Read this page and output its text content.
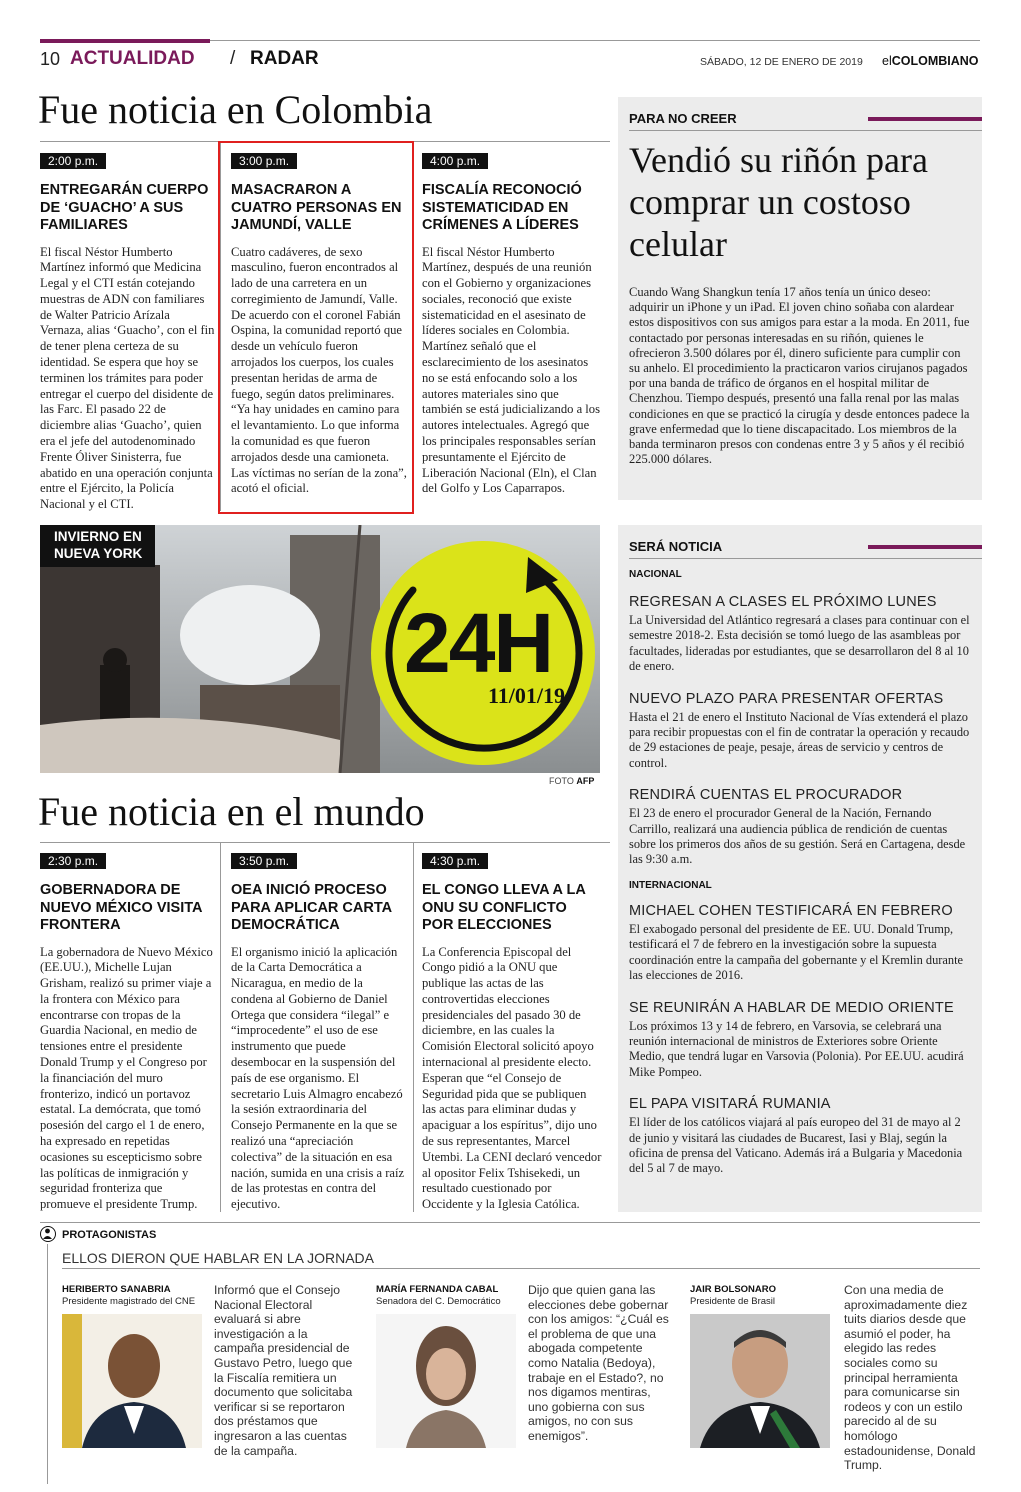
10 ACTUALIDAD / RADAR	SÁBADO, 12 DE ENERO DE 2019 elCOLOMBIANO
Fue noticia en Colombia
2:00 p.m.
ENTREGARÁN CUERPO DE ‘GUACHO’ A SUS FAMILIARES

El fiscal Néstor Humberto Martínez informó que Medicina Legal y el CTI están cotejando muestras de ADN con familiares de Walter Patricio Arízala Vernaza, alias ‘Guacho’, con el fin de tener plena certeza de su identidad. Se espera que hoy se terminen los trámites para poder entregar el cuerpo del disidente de las Farc. El pasado 22 de diciembre alias ‘Guacho’, quien era el jefe del autodenominado Frente Óliver Sinisterra, fue abatido en una operación conjunta entre el Ejército, la Policía Nacional y el CTI.

3:00 p.m.
MASACRARON A CUATRO PERSONAS EN JAMUNDÍ, VALLE

Cuatro cadáveres, de sexo masculino, fueron encontrados al lado de una carretera en un corregimiento de Jamundí, Valle. De acuerdo con el coronel Fabián Ospina, la comunidad reportó que desde un vehículo fueron arrojados los cuerpos, los cuales presentan heridas de arma de fuego, según datos preliminares. “Ya hay unidades en camino para el levantamiento. Lo que informa la comunidad es que fueron arrojados desde una camioneta. Las víctimas no serían de la zona”, acotó el oficial.

4:00 p.m.
FISCALÍA RECONOCIÓ SISTEMATICIDAD EN CRÍMENES A LÍDERES

El fiscal Néstor Humberto Martínez, después de una reunión con el Gobierno y organizaciones sociales, reconoció que existe sistematicidad en el asesinato de líderes sociales en Colombia. Martínez señaló que el esclarecimiento de los asesinatos no se está enfocando solo a los autores materiales sino que también se está judicializando a los autores intelectuales. Agregó que los principales responsables serían presuntamente el Ejército de Liberación Nacional (Eln), el Clan del Golfo y Los Caparrapos.

PARA NO CREER
Vendió su riñón para comprar un costoso celular

Cuando Wang Shangkun tenía 17 años tenía un único deseo: adquirir un iPhone y un iPad. El joven chino soñaba con alardear estos dispositivos con sus amigos para estar a la moda. En 2011, fue contactado por personas interesadas en su riñón, quienes le ofrecieron 3.500 dólares por él, dinero suficiente para cumplir con su anhelo. El procedimiento la practicaron varios cirujanos pagados por una banda de tráfico de órganos en el hospital militar de Chenzhou. Tiempo después, presentó una falla renal por las malas condiciones en que se practicó la cirugía y desde entonces padece la grave enfermedad que lo tiene discapacitado. Los miembros de la banda terminaron presos con condenas entre 3 y 5 años y él recibió 225.000 dólares.

INVIERNO EN
NUEVA YORK
24H
11/01/19
FOTO AFP
Fue noticia en el mundo
2:30 p.m.
GOBERNADORA DE NUEVO MÉXICO VISITA FRONTERA

La gobernadora de Nuevo México (EE.UU.), Michelle Lujan Grisham, realizó su primer viaje a la frontera con México para encontrarse con tropas de la Guardia Nacional, en medio de tensiones entre el presidente Donald Trump y el Congreso por la financiación del muro fronterizo, indicó un portavoz estatal. La demócrata, que tomó posesión del cargo el 1 de enero, ha expresado en repetidas ocasiones su escepticismo sobre las políticas de inmigración y seguridad fronteriza que promueve el presidente Trump.

3:50 p.m.
OEA INICIÓ PROCESO PARA APLICAR CARTA DEMOCRÁTICA

El organismo inició la aplicación de la Carta Democrática a Nicaragua, en medio de la condena al Gobierno de Daniel Ortega que considera “ilegal” e “improcedente” el uso de ese instrumento que puede desembocar en la suspensión del país de ese organismo. El secretario Luis Almagro encabezó la sesión extraordinaria del Consejo Permanente en la que se realizó una “apreciación colectiva” de la situación en esa nación, sumida en una crisis a raíz de las protestas en contra del ejecutivo.

4:30 p.m.
EL CONGO LLEVA A LA ONU SU CONFLICTO POR ELECCIONES

La Conferencia Episcopal del Congo pidió a la ONU que publique las actas de las controvertidas elecciones presidenciales del pasado 30 de diciembre, en las cuales la Comisión Electoral solicitó apoyo internacional al presidente electo. Esperan que “el Consejo de Seguridad pida que se publiquen las actas para eliminar dudas y apaciguar a los espíritus”, dijo uno de sus representantes, Marcel Utembi. La CENI declaró vencedor al opositor Felix Tshisekedi, un resultado cuestionado por Occidente y la Iglesia Católica.

SERÁ NOTICIA
NACIONAL
REGRESAN A CLASES EL PRÓXIMO LUNES

La Universidad del Atlántico regresará a clases para continuar con el semestre 2018-2. Esta decisión se tomó luego de las asambleas por facultades, lideradas por estudiantes, que se desarrollaron del 8 al 10 de enero.

NUEVO PLAZO PARA PRESENTAR OFERTAS

Hasta el 21 de enero el Instituto Nacional de Vías extenderá el plazo para recibir propuestas con el fin de contratar la operación y recaudo de 29 estaciones de peaje, pesaje, áreas de servicio y centros de control.

RENDIRÁ CUENTAS EL PROCURADOR

El 23 de enero el procurador General de la Nación, Fernando Carrillo, realizará una audiencia pública de rendición de cuentas sobre los primeros dos años de su gestión. Será en Cartagena, desde las 9:30 a.m.

INTERNACIONAL
MICHAEL COHEN TESTIFICARÁ EN FEBRERO

El exabogado personal del presidente de EE. UU. Donald Trump, testificará el 7 de febrero en la investigación sobre la supuesta coordinación entre la campaña del gobernante y el Kremlin durante las elecciones de 2016.

SE REUNIRÁN A HABLAR DE MEDIO ORIENTE

Los próximos 13 y 14 de febrero, en Varsovia, se celebrará una reunión internacional de ministros de Exteriores sobre Oriente Medio, que tendrá lugar en Varsovia (Polonia). Por EE.UU. acudirá Mike Pompeo.

EL PAPA VISITARÁ RUMANIA

El líder de los católicos viajará al país europeo del 31 de mayo al 2 de junio y visitará las ciudades de Bucarest, Iasi y Blaj, según la oficina de prensa del Vaticano. Además irá a Bulgaria y Macedonia del 5 al 7 de mayo.

PROTAGONISTAS
ELLOS DIERON QUE HABLAR EN LA JORNADA
HERIBERTO SANABRIA
Presidente magistrado del CNE

Informó que el Consejo Nacional Electoral evaluará si abre investigación a la campaña presidencial de Gustavo Petro, luego que la Fiscalía remitiera un documento que solicitaba verificar si se reportaron dos préstamos que ingresaron a las cuentas de la campaña.

MARÍA FERNANDA CABAL
Senadora del C. Democrático

Dijo que quien gana las elecciones debe gobernar con los amigos: “¿Cuál es el problema de que una abogada competente como Natalia (Bedoya), trabaje en el Estado?, no nos digamos mentiras, uno gobierna con sus amigos, no con sus enemigos”.

JAIR BOLSONARO
Presidente de Brasil

Con una media de aproximadamente diez tuits diarios desde que asumió el poder, ha elegido las redes sociales como su principal herramienta para comunicarse sin rodeos y con un estilo parecido al de su homólogo estadounidense, Donald Trump.
